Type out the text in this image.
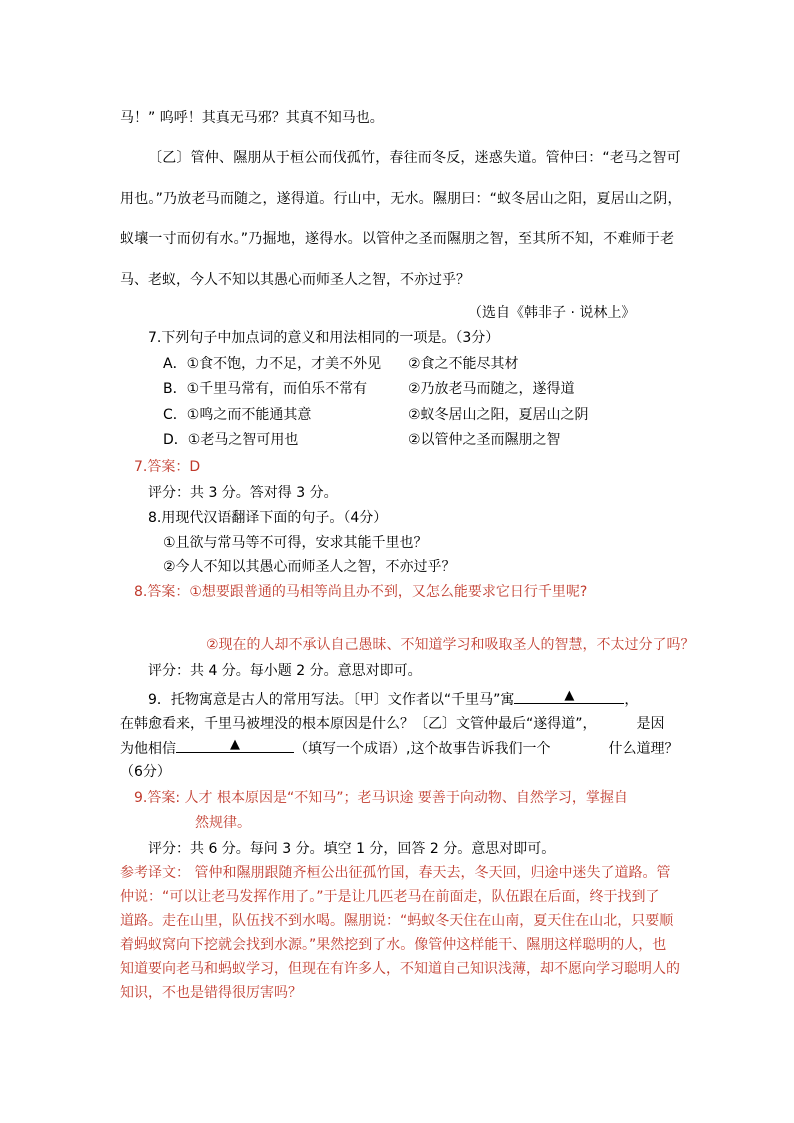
马！” 呜呼！其真无马邪？其真不知马也。
〔乙〕管仲、隰朋从于桓公而伐孤竹，春往而冬反，迷惑失道。管仲曰：“老马之智可
用也。”乃放老马而随之，遂得道。行山中，无水。隰朋曰：“蚁冬居山之阳，夏居山之阴，
蚁壤一寸而仞有水。”乃掘地，遂得水。以管仲之圣而隰朋之智，至其所不知，不难师于老
马、老蚁，今人不知以其愚心而师圣人之智，不亦过乎？
（选自《韩非子 · 说林上》
7.下列句子中加点词的意义和用法相同的一项是。（3分）
A．①食不饱，力不足，才美不外见 ②食之不能尽其材
B．①千里马常有，而伯乐不常有	②乃放老马而随之，遂得道
C．①鸣之而不能通其意	②蚁冬居山之阳，夏居山之阴
D．①老马之智可用也	②以管仲之圣而隰朋之智
7.答案：D
评分：共 3 分。答对得 3 分。
8.用现代汉语翻译下面的句子。（4分）
①且欲与常马等不可得，安求其能千里也？
②今人不知以其愚心而师圣人之智，不亦过乎？
8.答案：①想要跟普通的马相等尚且办不到，又怎么能要求它日行千里呢?
②现在的人却不承认自己愚昧、不知道学习和吸取圣人的智慧，不太过分了吗？
评分：共 4 分。每小题 2 分。意思对即可。
9．托物寓意是古人的常用写法。〔甲〕文作者以“千里马”寓	▲	，
在韩愈看来，千里马被埋没的根本原因是什么？〔乙〕文管仲最后“遂得道”，	是因
为他相信	▲	（填写一个成语）,这个故事告诉我们一个	什么道理？
（6分）
9.答案: 人才 根本原因是“不知马”；老马识途 要善于向动物、自然学习，掌握自
然规律。
评分：共 6 分。每问 3 分。填空 1 分，回答 2 分。意思对即可。
参考译文： 管仲和隰朋跟随齐桓公出征孤竹国，春天去，冬天回，归途中迷失了道路。管
仲说：“可以让老马发挥作用了。”于是让几匹老马在前面走，队伍跟在后面，终于找到了
道路。走在山里，队伍找不到水喝。隰朋说：“蚂蚁冬天住在山南，夏天住在山北，只要顺
着蚂蚁窝向下挖就会找到水源。”果然挖到了水。像管仲这样能干、隰朋这样聪明的人，也
知道要向老马和蚂蚁学习，但现在有许多人，不知道自己知识浅薄，却不愿向学习聪明人的
知识，不也是错得很厉害吗？
